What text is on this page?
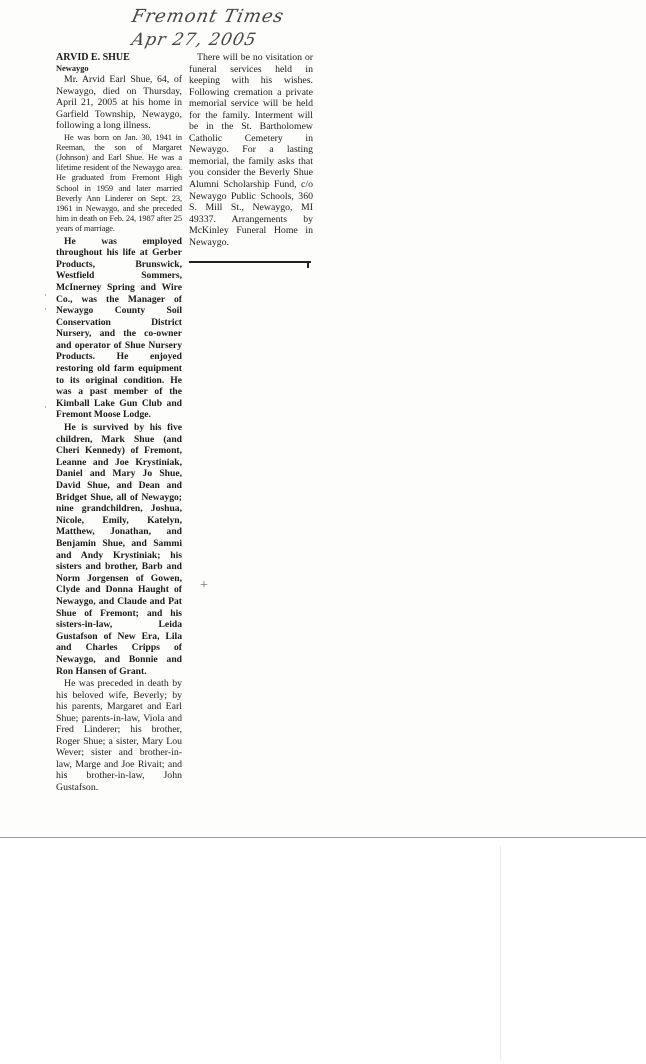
Fremont Times
Apr 27, 2005

ARVID E. SHUE

Newaygo

Mr. Arvid Earl Shue, 64, of Newaygo, died on Thursday, April 21, 2005 at his home in Garfield Township, Newaygo, following a long illness.

He was born on Jan. 30, 1941 in Reeman, the son of Margaret (Johnson) and Earl Shue. He was a lifetime resident of the Newaygo area. He graduated from Fremont High School in 1959 and later married Beverly Ann Linderer on Sept. 23, 1961 in Newaygo, and she preceded him in death on Feb. 24, 1987 after 25 years of marriage.

He was employed throughout his life at Gerber Products, Brunswick, Westfield Sommers, McInerney Spring and Wire Co., was the Manager of Newaygo County Soil Conservation District Nursery, and the co-owner and operator of Shue Nursery Products. He enjoyed restoring old farm equipment to its original condition. He was a past member of the Kimball Lake Gun Club and Fremont Moose Lodge.

He is survived by his five children, Mark Shue (and Cheri Kennedy) of Fremont, Leanne and Joe Krystiniak, Daniel and Mary Jo Shue, David Shue, and Dean and Bridget Shue, all of Newaygo; nine grandchildren, Joshua, Nicole, Emily, Katelyn, Matthew, Jonathan, and Benjamin Shue, and Sammi and Andy Krystiniak; his sisters and brother, Barb and Norm Jorgensen of Gowen, Clyde and Donna Haught of Newaygo, and Claude and Pat Shue of Fremont; and his sisters-in-law, Leida Gustafson of New Era, Lila and Charles Cripps of Newaygo, and Bonnie and Ron Hansen of Grant.

He was preceded in death by his beloved wife, Beverly; by his parents, Margaret and Earl Shue; parents-in-law, Viola and Fred Linderer; his brother, Roger Shue; a sister, Mary Lou Wever; sister and brother-in-law, Marge and Joe Rivait; and his brother-in-law, John Gustafson.

There will be no visitation or funeral services held in keeping with his wishes. Following cremation a private memorial service will be held for the family. Interment will be in the St. Bartholomew Catholic Cemetery in Newaygo. For a lasting memorial, the family asks that you consider the Beverly Shue Alumni Scholarship Fund, c/o Newaygo Public Schools, 360 S. Mill St., Newaygo, MI 49337. Arrangements by McKinley Funeral Home in Newaygo.

·
·
·
+
